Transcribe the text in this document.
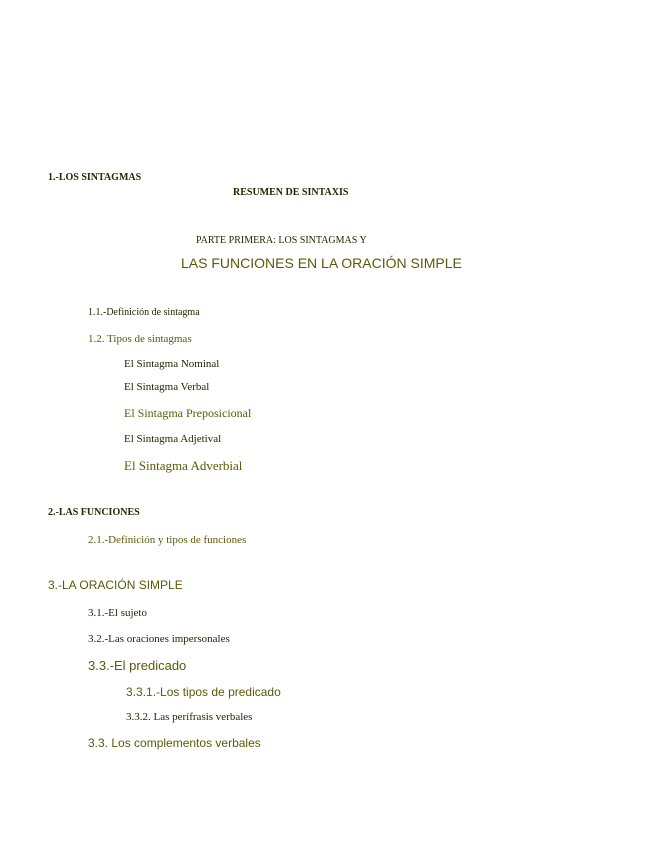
1.-LOS SINTAGMAS
RESUMEN DE SINTAXIS
PARTE PRIMERA: LOS SINTAGMAS Y
LAS FUNCIONES EN LA ORACIÓN SIMPLE
1.1.-Definición de sintagma
1.2. Tipos de sintagmas
El Sintagma Nominal
El Sintagma Verbal
El Sintagma Preposicional
El Sintagma Adjetival
El Sintagma Adverbial
2.-LAS FUNCIONES
2.1.-Definición y tipos de funciones
3.-LA ORACIÓN SIMPLE
3.1.-El sujeto
3.2.-Las oraciones impersonales
3.3.-El predicado
3.3.1.-Los tipos de predicado
3.3.2. Las perífrasis verbales
3.3. Los complementos verbales
